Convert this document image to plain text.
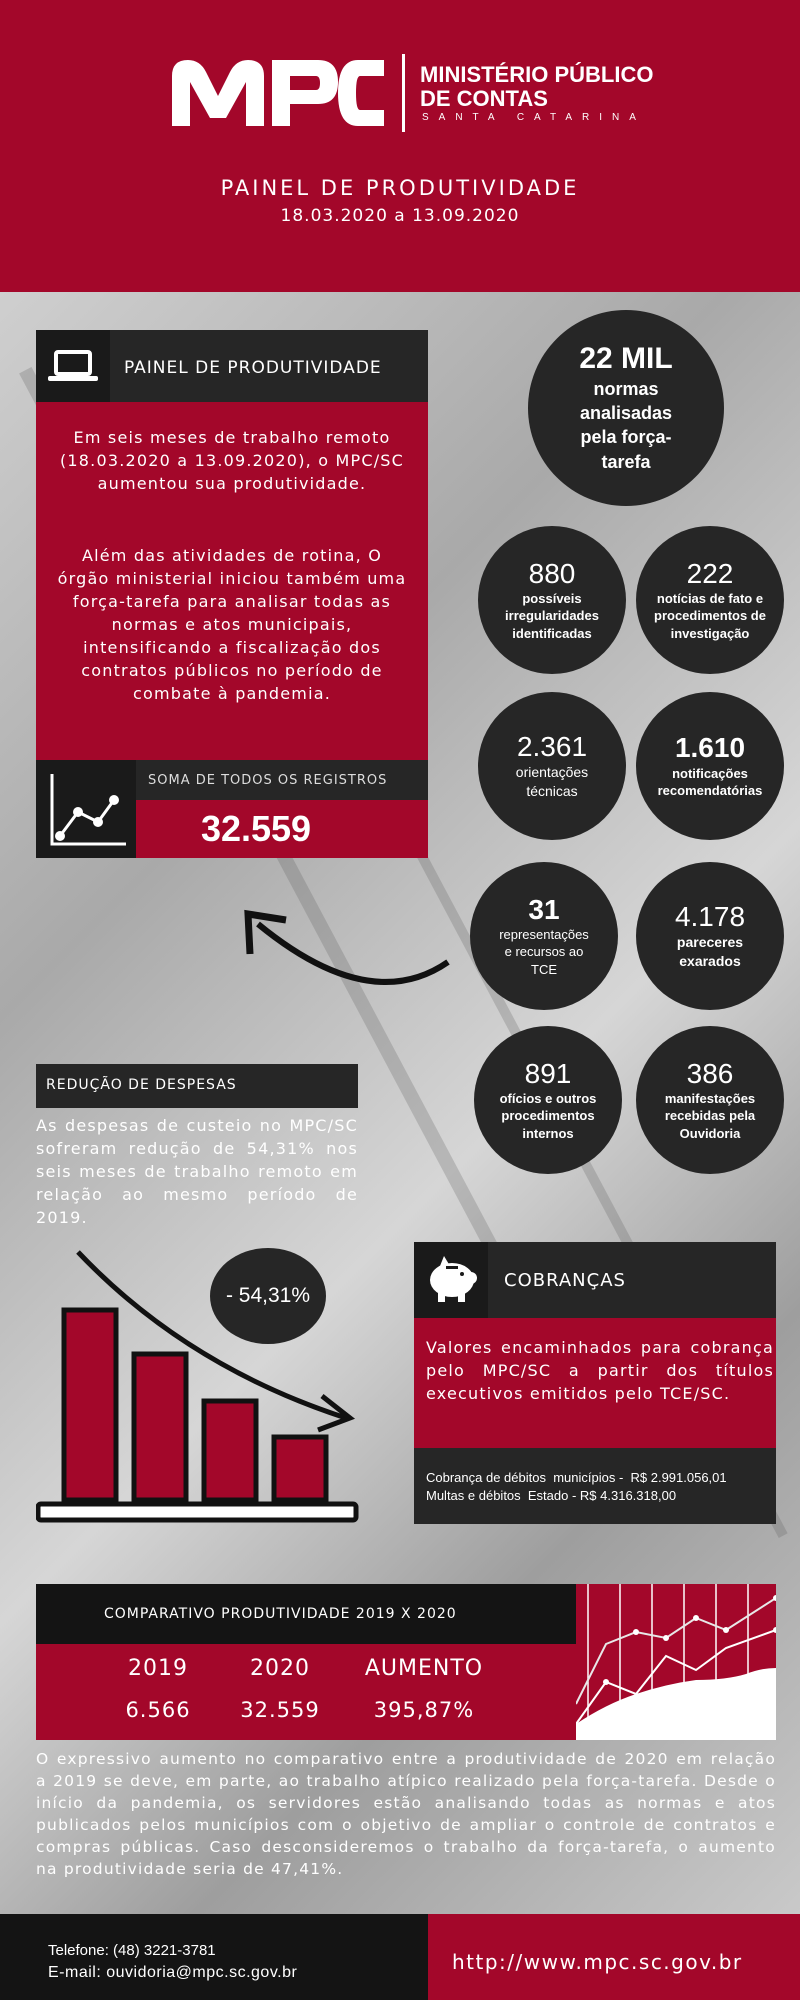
MINISTÉRIO PÚBLICO
DE CONTAS
SANTA CATARINA
PAINEL DE PRODUTIVIDADE
18.03.2020 a 13.09.2020
PAINEL DE PRODUTIVIDADE
Em seis meses de trabalho remoto (18.03.2020 a 13.09.2020), o MPC/SC aumentou sua produtividade.
Além das atividades de rotina, O órgão ministerial iniciou também uma força-tarefa para analisar todas as normas e atos municipais, intensificando a fiscalização dos contratos públicos no período de combate à pandemia.
SOMA DE TODOS OS REGISTROS
32.559
22 MIL
normas analisadas pela força-tarefa
880
possíveis irregularidades identificadas
222
notícias de fato e procedimentos de investigação
2.361
orientações técnicas
1.610
notificações recomendatórias
31
representações e recursos ao TCE
4.178
pareceres exarados
891
ofícios e outros procedimentos internos
386
manifestações recebidas pela Ouvidoria
REDUÇÃO DE DESPESAS
As despesas de custeio no MPC/SC sofreram redução de 54,31% nos seis meses de trabalho remoto em relação ao mesmo período de 2019.
- 54,31%
COBRANÇAS
Valores encaminhados para cobrança pelo MPC/SC a partir dos títulos executivos emitidos pelo TCE/SC.
Cobrança de débitos  municípios -  R$ 2.991.056,01
Multas e débitos  Estado - R$ 4.316.318,00
COMPARATIVO PRODUTIVIDADE 2019 X 2020
2019	2020	AUMENTO
6.566	32.559	395,87%
O expressivo aumento no comparativo entre a produtividade de 2020 em relação a 2019 se deve, em parte, ao trabalho atípico realizado pela força-tarefa. Desde o início da pandemia, os servidores estão analisando todas as normas e atos publicados pelos municípios com o objetivo de ampliar o controle de contratos e compras públicas. Caso desconsideremos o trabalho da força-tarefa, o aumento na produtividade seria de 47,41%.
Telefone: (48) 3221-3781
E-mail: ouvidoria@mpc.sc.gov.br	http://www.mpc.sc.gov.br
